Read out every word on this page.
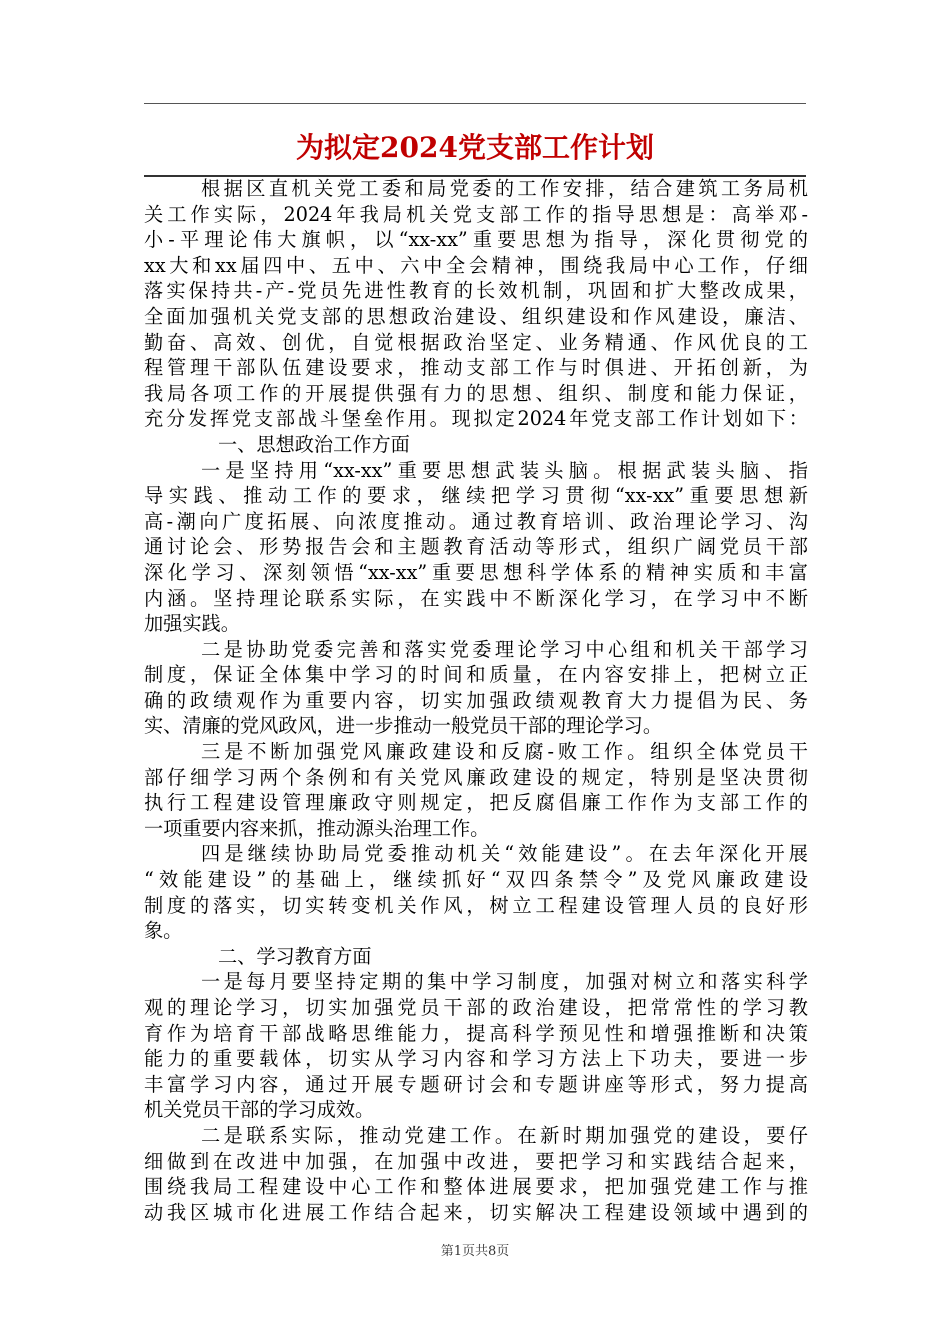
为拟定2024党支部工作计划
根据区直机关党工委和局党委的工作安排，结合建筑工务局机
关工作实际，2024年我局机关党支部工作的指导思想是：高举邓-
小-平理论伟大旗帜，以“xx-xx”重要思想为指导，深化贯彻党的
xx大和xx届四中、五中、六中全会精神，围绕我局中心工作，仔细
落实保持共-产-党员先进性教育的长效机制，巩固和扩大整改成果，
全面加强机关党支部的思想政治建设、组织建设和作风建设，廉洁、
勤奋、高效、创优，自觉根据政治坚定、业务精通、作风优良的工
程管理干部队伍建设要求，推动支部工作与时俱进、开拓创新，为
我局各项工作的开展提供强有力的思想、组织、制度和能力保证，
充分发挥党支部战斗堡垒作用。现拟定2024年党支部工作计划如下：
一、思想政治工作方面
一是坚持用“xx-xx”重要思想武装头脑。根据武装头脑、指
导实践、推动工作的要求，继续把学习贯彻“xx-xx”重要思想新
高-潮向广度拓展、向浓度推动。通过教育培训、政治理论学习、沟
通讨论会、形势报告会和主题教育活动等形式，组织广阔党员干部
深化学习、深刻领悟“xx-xx”重要思想科学体系的精神实质和丰富
内涵。坚持理论联系实际，在实践中不断深化学习，在学习中不断
加强实践。
二是协助党委完善和落实党委理论学习中心组和机关干部学习
制度，保证全体集中学习的时间和质量，在内容安排上，把树立正
确的政绩观作为重要内容，切实加强政绩观教育大力提倡为民、务
实、清廉的党风政风，进一步推动一般党员干部的理论学习。
三是不断加强党风廉政建设和反腐-败工作。组织全体党员干
部仔细学习两个条例和有关党风廉政建设的规定，特别是坚决贯彻
执行工程建设管理廉政守则规定，把反腐倡廉工作作为支部工作的
一项重要内容来抓，推动源头治理工作。
四是继续协助局党委推动机关“效能建设”。在去年深化开展
“效能建设”的基础上，继续抓好“双四条禁令”及党风廉政建设
制度的落实，切实转变机关作风，树立工程建设管理人员的良好形
象。
二、学习教育方面
一是每月要坚持定期的集中学习制度，加强对树立和落实科学
观的理论学习，切实加强党员干部的政治建设，把常常性的学习教
育作为培育干部战略思维能力，提高科学预见性和增强推断和决策
能力的重要载体，切实从学习内容和学习方法上下功夫，要进一步
丰富学习内容，通过开展专题研讨会和专题讲座等形式，努力提高
机关党员干部的学习成效。
二是联系实际，推动党建工作。在新时期加强党的建设，要仔
细做到在改进中加强，在加强中改进，要把学习和实践结合起来，
围绕我局工程建设中心工作和整体进展要求，把加强党建工作与推
动我区城市化进展工作结合起来，切实解决工程建设领域中遇到的
第1页共8页
